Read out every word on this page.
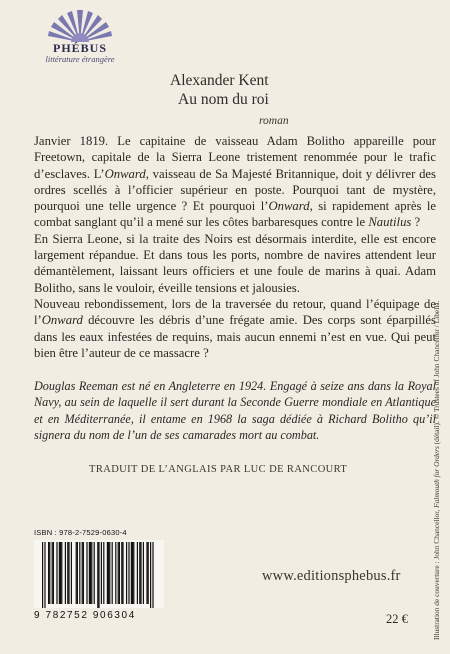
PHÉBUS
littérature étrangère
Alexander Kent
Au nom du roi
roman

Janvier 1819. Le capitaine de vaisseau Adam Bolitho appareille pour Freetown, capitale de la Sierra Leone tristement renommée pour le trafic d’esclaves. L’Onward, vaisseau de Sa Majesté Britannique, doit y délivrer des ordres scellés à l’officier supérieur en poste. Pourquoi tant de mystère, pourquoi une telle urgence ? Et pourquoi l’Onward, si rapidement après le combat sanglant qu’il a mené sur les côtes barbaresques contre le Nautilus ?

En Sierra Leone, si la traite des Noirs est désormais interdite, elle est encore largement répandue. Et dans tous les ports, nombre de navires attendent leur démantèlement, laissant leurs officiers et une foule de marins à quai. Adam Bolitho, sans le vouloir, éveille tensions et jalousies.

Nouveau rebondissement, lors de la traversée du retour, quand l’équipage de l’Onward découvre les débris d’une frégate amie. Des corps sont éparpillés dans les eaux infestées de requins, mais aucun ennemi n’est en vue. Qui peut bien être l’auteur de ce massacre ?

Douglas Reeman est né en Angleterre en 1924. Engagé à seize ans dans la Royal Navy, au sein de laquelle il sert durant la Seconde Guerre mondiale en Atlantique et en Méditerranée, il entame en 1968 la saga dédiée à Richard Bolitho qu’il signera du nom de l’un de ses camarades mort au combat.
TRADUIT DE L’ANGLAIS PAR LUC DE RANCOURT
ISBN : 978-2-7529-0630-4
9 782752 906304
www.editionsphebus.fr
22 €	Illustration de couverture : John Chancellor, Falmouth for Orders (détail). © Trustees of John Chancellor / Libella.
